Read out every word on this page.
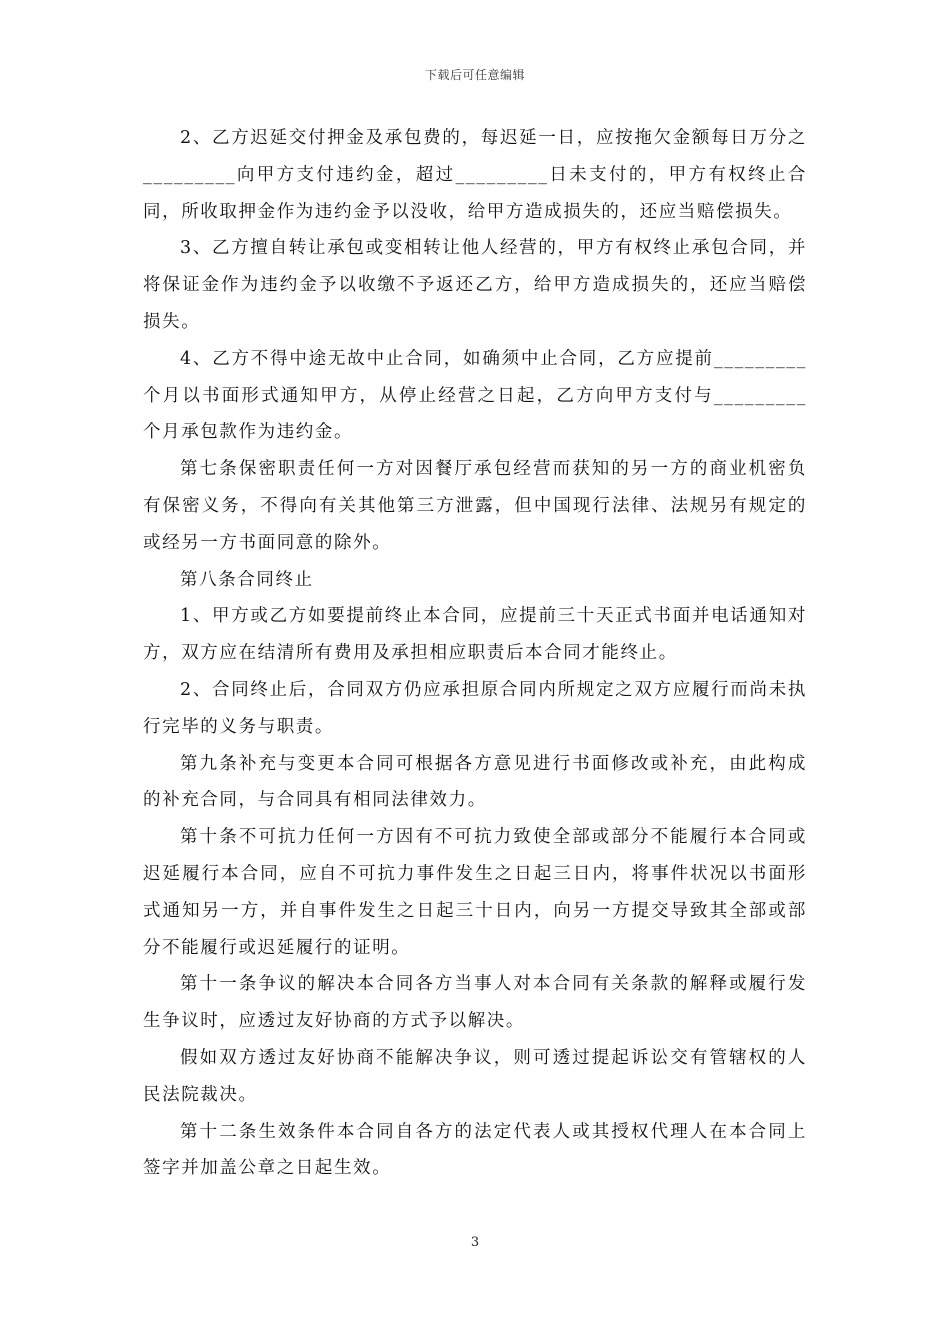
下载后可任意编辑

2、乙方迟延交付押金及承包费的，每迟延一日，应按拖欠金额每日万分之_________向甲方支付违约金，超过_________日未支付的，甲方有权终止合同，所收取押金作为违约金予以没收，给甲方造成损失的，还应当赔偿损失。

3、乙方擅自转让承包或变相转让他人经营的，甲方有权终止承包合同，并将保证金作为违约金予以收缴不予返还乙方，给甲方造成损失的，还应当赔偿损失。

4、乙方不得中途无故中止合同，如确须中止合同，乙方应提前_________个月以书面形式通知甲方，从停止经营之日起，乙方向甲方支付与_________个月承包款作为违约金。

第七条保密职责任何一方对因餐厅承包经营而获知的另一方的商业机密负有保密义务，不得向有关其他第三方泄露，但中国现行法律、法规另有规定的或经另一方书面同意的除外。

第八条合同终止

1、甲方或乙方如要提前终止本合同，应提前三十天正式书面并电话通知对方，双方应在结清所有费用及承担相应职责后本合同才能终止。

2、合同终止后，合同双方仍应承担原合同内所规定之双方应履行而尚未执行完毕的义务与职责。

第九条补充与变更本合同可根据各方意见进行书面修改或补充，由此构成的补充合同，与合同具有相同法律效力。

第十条不可抗力任何一方因有不可抗力致使全部或部分不能履行本合同或迟延履行本合同，应自不可抗力事件发生之日起三日内，将事件状况以书面形式通知另一方，并自事件发生之日起三十日内，向另一方提交导致其全部或部分不能履行或迟延履行的证明。

第十一条争议的解决本合同各方当事人对本合同有关条款的解释或履行发生争议时，应透过友好协商的方式予以解决。

假如双方透过友好协商不能解决争议，则可透过提起诉讼交有管辖权的人民法院裁决。

第十二条生效条件本合同自各方的法定代表人或其授权代理人在本合同上签字并加盖公章之日起生效。

3
